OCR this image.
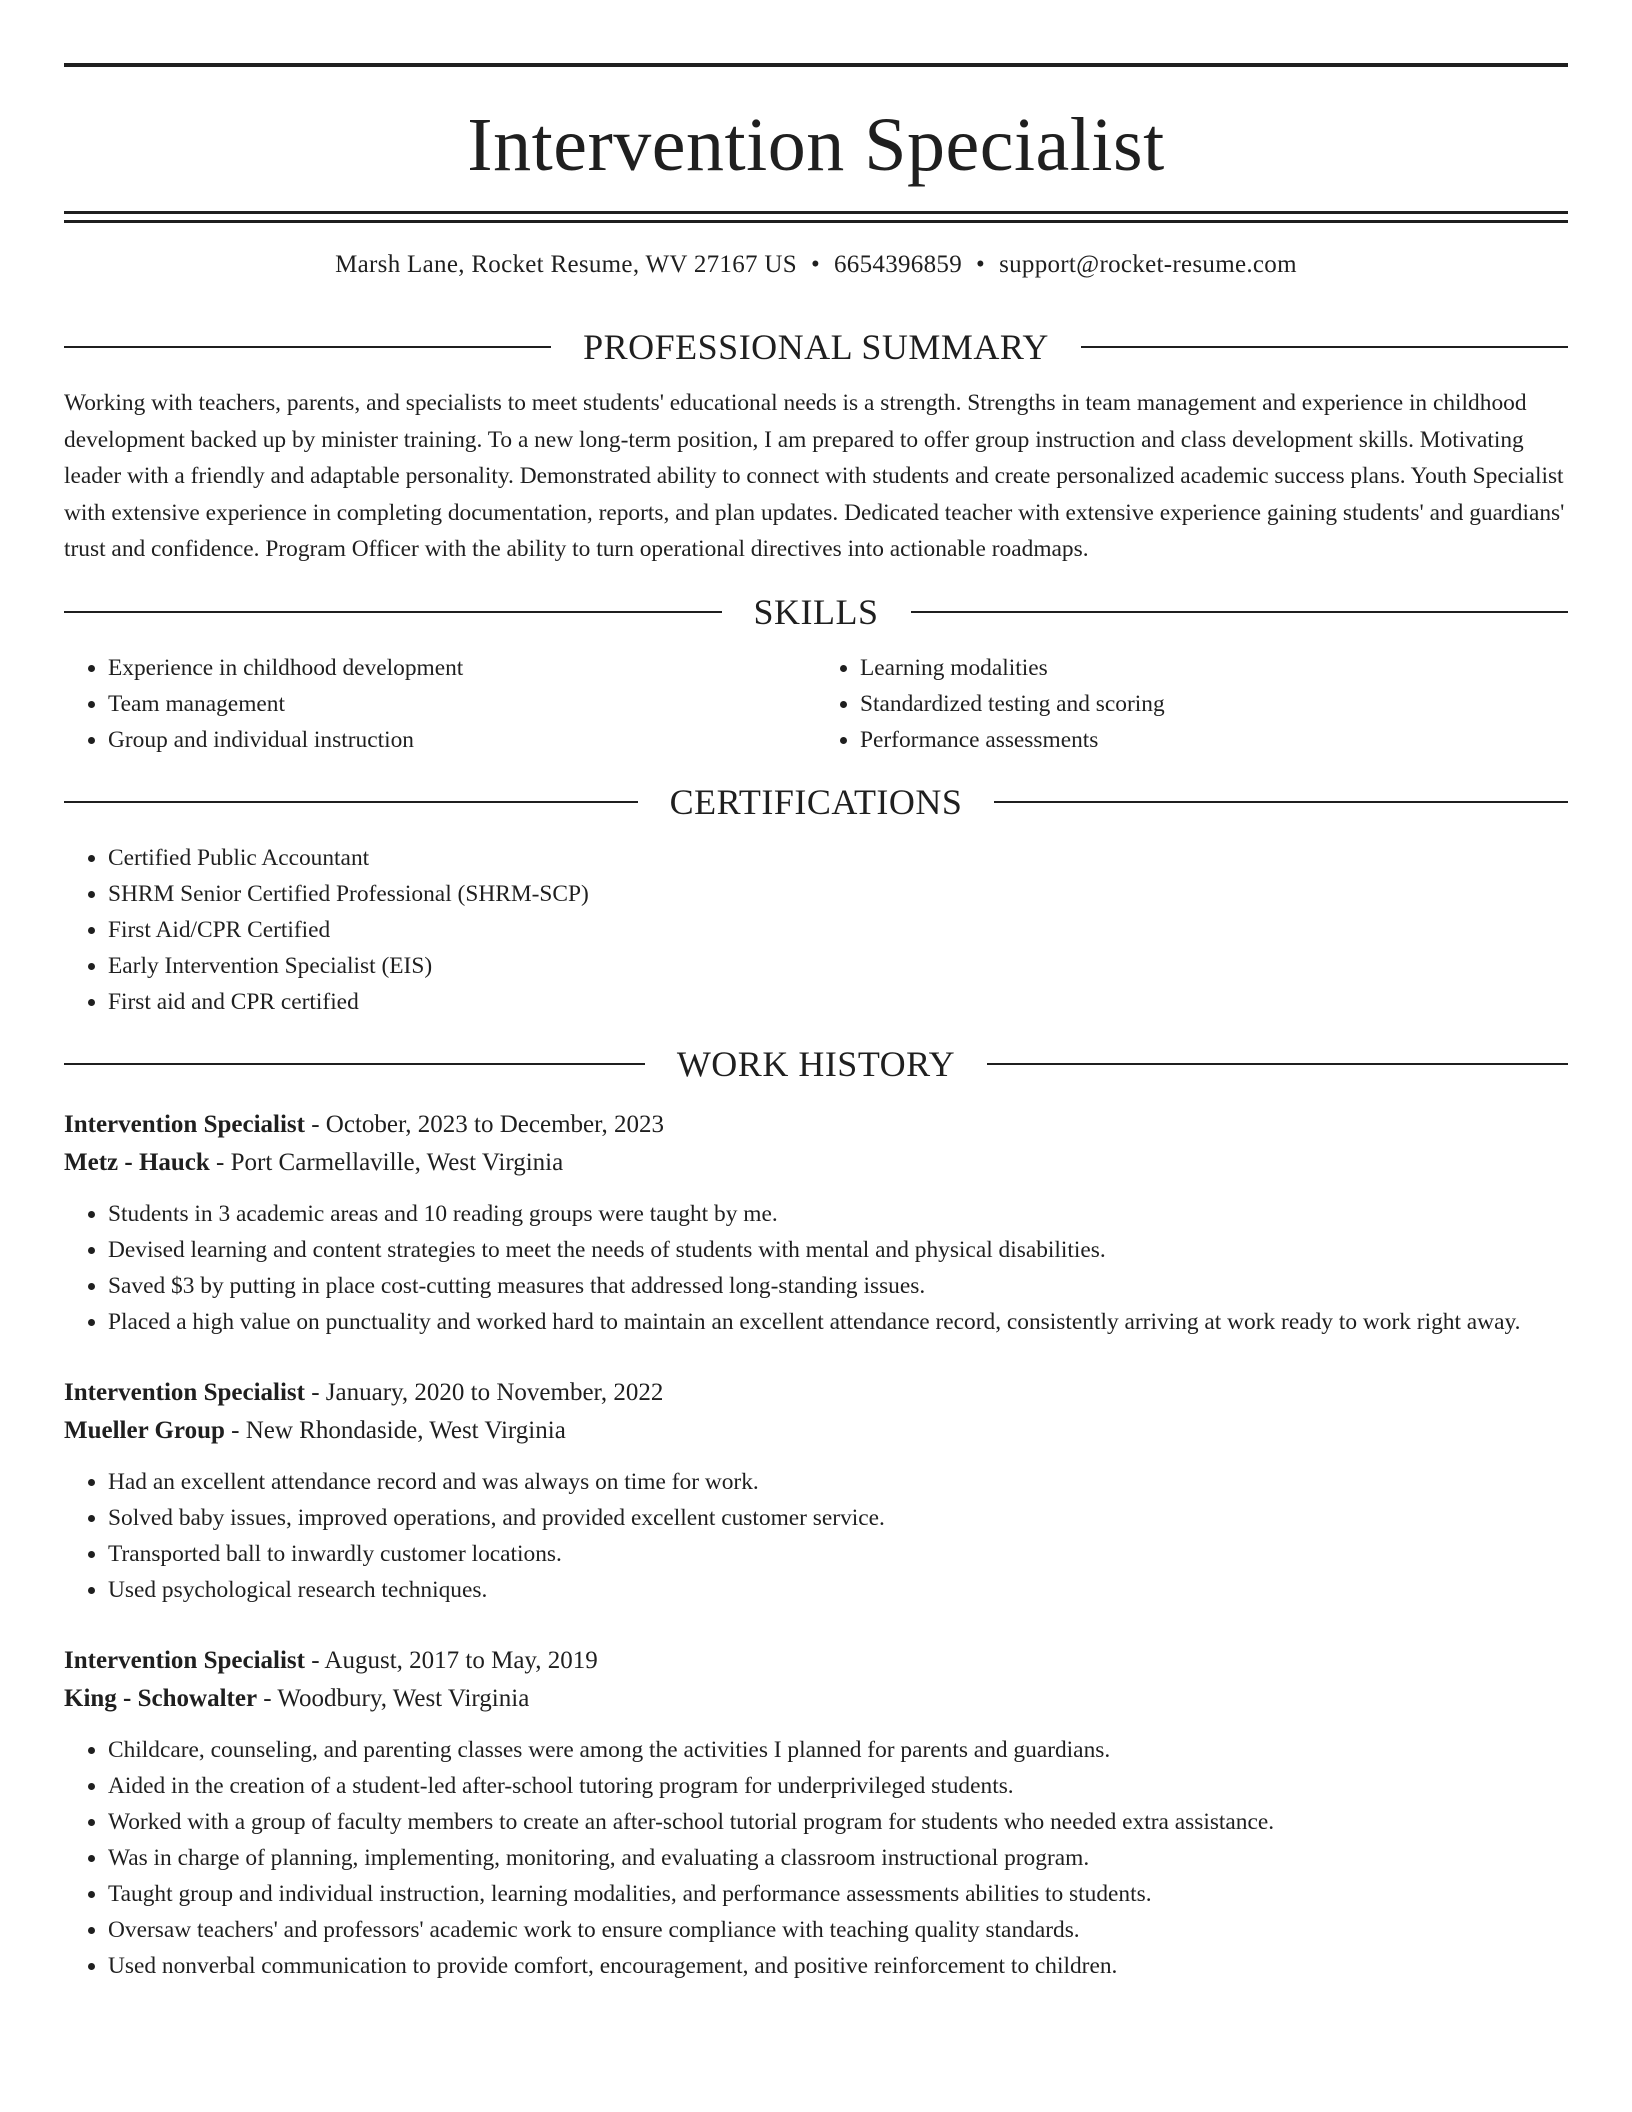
Intervention Specialist
Marsh Lane, Rocket Resume, WV 27167 US • 6654396859 • support@rocket-resume.com
PROFESSIONAL SUMMARY

Working with teachers, parents, and specialists to meet students' educational needs is a strength. Strengths in team management and experience in childhood development backed up by minister training. To a new long-term position, I am prepared to offer group instruction and class development skills. Motivating leader with a friendly and adaptable personality. Demonstrated ability to connect with students and create personalized academic success plans. Youth Specialist with extensive experience in completing documentation, reports, and plan updates. Dedicated teacher with extensive experience gaining students' and guardians' trust and confidence. Program Officer with the ability to turn operational directives into actionable roadmaps.

SKILLS
• Experience in childhood development
• Team management
• Group and individual instruction
• Learning modalities
• Standardized testing and scoring
• Performance assessments
CERTIFICATIONS
• Certified Public Accountant
• SHRM Senior Certified Professional (SHRM-SCP)
• First Aid/CPR Certified
• Early Intervention Specialist (EIS)
• First aid and CPR certified
WORK HISTORY
Intervention Specialist - October, 2023 to December, 2023
Metz - Hauck - Port Carmellaville, West Virginia
• Students in 3 academic areas and 10 reading groups were taught by me.
• Devised learning and content strategies to meet the needs of students with mental and physical disabilities.
• Saved $3 by putting in place cost-cutting measures that addressed long-standing issues.
• Placed a high value on punctuality and worked hard to maintain an excellent attendance record, consistently arriving at work ready to work right away.
Intervention Specialist - January, 2020 to November, 2022
Mueller Group - New Rhondaside, West Virginia
• Had an excellent attendance record and was always on time for work.
• Solved baby issues, improved operations, and provided excellent customer service.
• Transported ball to inwardly customer locations.
• Used psychological research techniques.
Intervention Specialist - August, 2017 to May, 2019
King - Schowalter - Woodbury, West Virginia
• Childcare, counseling, and parenting classes were among the activities I planned for parents and guardians.
• Aided in the creation of a student-led after-school tutoring program for underprivileged students.
• Worked with a group of faculty members to create an after-school tutorial program for students who needed extra assistance.
• Was in charge of planning, implementing, monitoring, and evaluating a classroom instructional program.
• Taught group and individual instruction, learning modalities, and performance assessments abilities to students.
• Oversaw teachers' and professors' academic work to ensure compliance with teaching quality standards.
• Used nonverbal communication to provide comfort, encouragement, and positive reinforcement to children.
